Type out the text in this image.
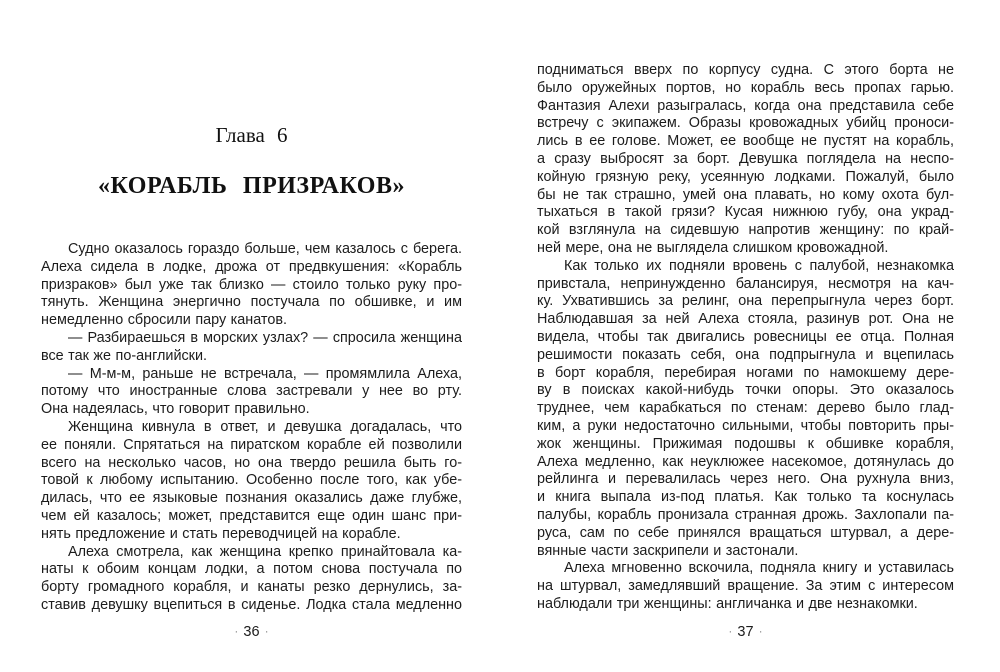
Глава 6
«КОРАБЛЬ ПРИЗРАКОВ»
Судно оказалось гораздо больше, чем казалось с берега.
Алеха сидела в лодке, дрожа от предвкушения: «Корабль
призраков» был уже так близко — стоило только руку про-
тянуть. Женщина энергично постучала по обшивке, и им
немедленно сбросили пару канатов.
— Разбираешься в морских узлах? — спросила женщина
все так же по-английски.
— М-м-м, раньше не встречала, — промямлила Алеха,
потому что иностранные слова застревали у нее во рту.
Она надеялась, что говорит правильно.
Женщина кивнула в ответ, и девушка догадалась, что
ее поняли. Спрятаться на пиратском корабле ей позволили
всего на несколько часов, но она твердо решила быть го-
товой к любому испытанию. Особенно после того, как убе-
дилась, что ее языковые познания оказались даже глубже,
чем ей казалось; может, представится еще один шанс при-
нять предложение и стать переводчицей на корабле.
Алеха смотрела, как женщина крепко принайтовала ка-
наты к обоим концам лодки, а потом снова постучала по
борту громадного корабля, и канаты резко дернулись, за-
ставив девушку вцепиться в сиденье. Лодка стала медленно
· 36 ·
подниматься вверх по корпусу судна. С этого борта не
было оружейных портов, но корабль весь пропах гарью.
Фантазия Алехи разыгралась, когда она представила себе
встречу с экипажем. Образы кровожадных убийц проноси-
лись в ее голове. Может, ее вообще не пустят на корабль,
а сразу выбросят за борт. Девушка поглядела на неспо-
койную грязную реку, усеянную лодками. Пожалуй, было
бы не так страшно, умей она плавать, но кому охота бул-
тыхаться в такой грязи? Кусая нижнюю губу, она украд-
кой взглянула на сидевшую напротив женщину: по край-
ней мере, она не выглядела слишком кровожадной.
Как только их подняли вровень с палубой, незнакомка
привстала, непринужденно балансируя, несмотря на кач-
ку. Ухватившись за релинг, она перепрыгнула через борт.
Наблюдавшая за ней Алеха стояла, разинув рот. Она не
видела, чтобы так двигались ровесницы ее отца. Полная
решимости показать себя, она подпрыгнула и вцепилась
в борт корабля, перебирая ногами по намокшему дере-
ву в поисках какой-нибудь точки опоры. Это оказалось
труднее, чем карабкаться по стенам: дерево было глад-
ким, а руки недостаточно сильными, чтобы повторить пры-
жок женщины. Прижимая подошвы к обшивке корабля,
Алеха медленно, как неуклюжее насекомое, дотянулась до
рейлинга и перевалилась через него. Она рухнула вниз,
и книга выпала из-под платья. Как только та коснулась
палубы, корабль пронизала странная дрожь. Захлопали па-
руса, сам по себе принялся вращаться штурвал, а дере-
вянные части заскрипели и застонали.
Алеха мгновенно вскочила, подняла книгу и уставилась
на штурвал, замедлявший вращение. За этим с интересом
наблюдали три женщины: англичанка и две незнакомки.
· 37 ·
